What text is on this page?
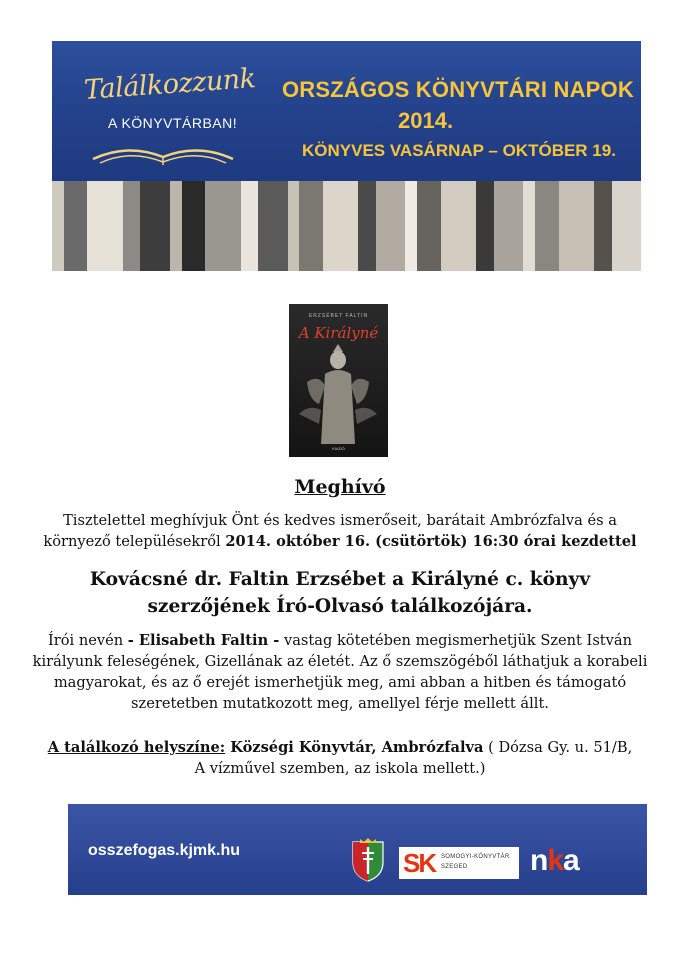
Találkozzunk
A KÖNYVTÁRBAN!
ORSZÁGOS KÖNYVTÁRI NAPOK
2014.
KÖNYVES VASÁRNAP – OKTÓBER 19.
ERZSÉBET FALTIN
A Királyné
KIADÓ
Meghívó
Tisztelettel meghívjuk Önt és kedves ismerőseit, barátait Ambrózfalva és a
környező településekről 2014. október 16. (csütörtök) 16:30 órai kezdettel
Kovácsné dr. Faltin Erzsébet a Királyné c. könyv
szerzőjének Író-Olvasó találkozójára.
Írói nevén - Elisabeth Faltin - vastag kötetében megismerhetjük Szent István
királyunk feleségének, Gizellának az életét. Az ő szemszögéből láthatjuk a korabeli
magyarokat, és az ő erejét ismerhetjük meg, ami abban a hitben és támogató
szeretetben mutatkozott meg, amellyel férje mellett állt.
A találkozó helyszíne: Községi Könyvtár, Ambrózfalva ( Dózsa Gy. u. 51/B,
A vízművel szemben, az iskola mellett.)
osszefogas.kjmk.hu	SK SOMOGYI-KÖNYVTÁR
SZEGED nka
